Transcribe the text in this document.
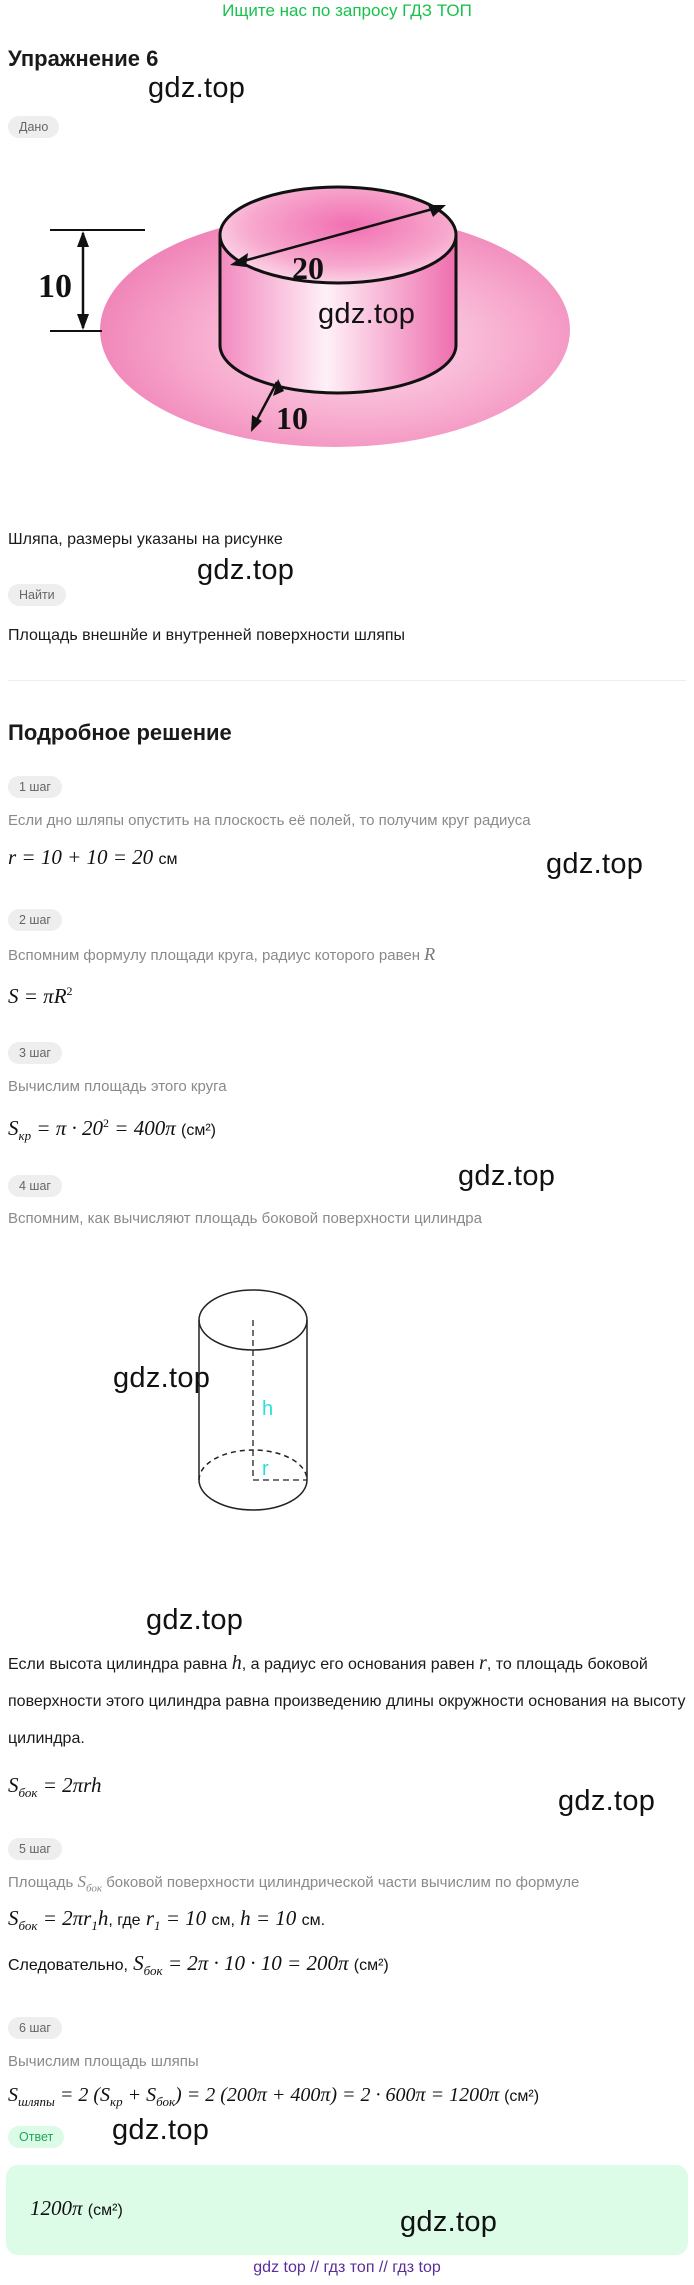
Ищите нас по запросу ГДЗ ТОП
Упражнение 6
gdz.top
Дано
10	20
10
gdz.top
Шляпа, размеры указаны на рисунке
gdz.top
Найти
Площадь внешнйе и внутренней поверхности шляпы
Подробное решение
1 шаг
Если дно шляпы опустить на плоскость её полей, то получим круг радиуса
r = 10 + 10 = 20 см	gdz.top
2 шаг
Вспомним формулу площади круга, радиус которого равен R
$S = \pi R^2$
3 шаг
Вычислим площадь этого круга
$S_{кр} = \pi \cdot 20^2 = 400\pi$ (см²)
4 шаг	gdz.top
Вспомним, как вычисляют площадь боковой поверхности цилиндра
h
r
gdz.top
gdz.top
Если высота цилиндра равна h, а радиус его основания равен r, то площадь боковой поверхности этого цилиндра равна произведению длины окружности основания на высоту цилиндра.
$S_{бок} = 2\pi rh$	gdz.top
5 шаг
Площадь $S_{бок}$ боковой поверхности цилиндрической части вычислим по формуле
$S_{бок} = 2\pi r_1h$, где $r_1 = 10$ см, h = 10 см.
Следовательно, $S_{бок} = 2\pi \cdot 10 \cdot 10 = 200\pi$ (см²)
6 шаг
Вычислим площадь шляпы
$S_{шляпы} = 2$ $(S_{кр} + S_{бок}) = 2$ (200π + 400π) = 2 · 600π = 1200π (см²)
Ответ	gdz.top
1200π (см²)	gdz.top
gdz top // гдз топ // гдз top
